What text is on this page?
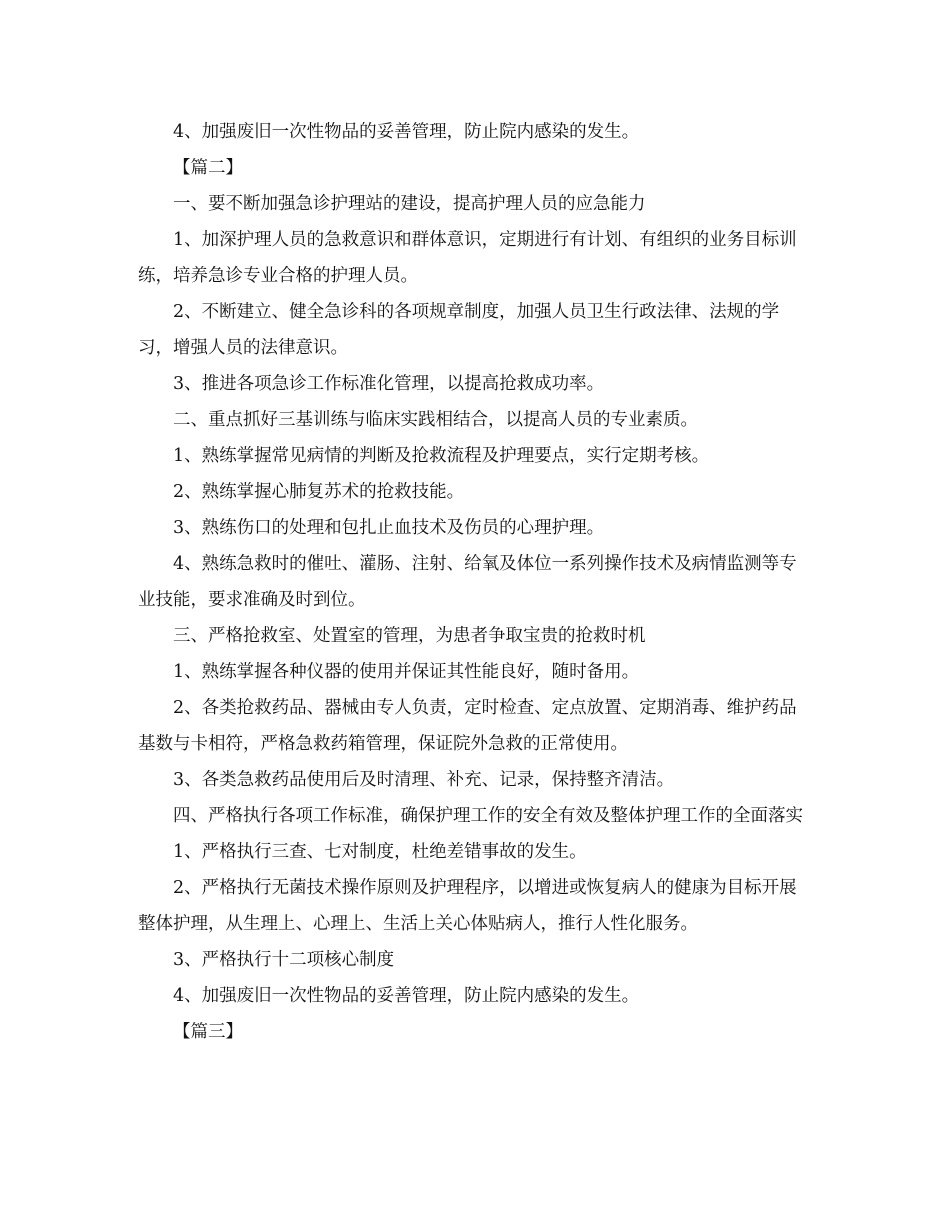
4、加强废旧一次性物品的妥善管理，防止院内感染的发生。

【篇二】

一、要不断加强急诊护理站的建设，提高护理人员的应急能力

1、加深护理人员的急救意识和群体意识，定期进行有计划、有组织的业务目标训练，培养急诊专业合格的护理人员。

2、不断建立、健全急诊科的各项规章制度，加强人员卫生行政法律、法规的学习，增强人员的法律意识。

3、推进各项急诊工作标准化管理，以提高抢救成功率。

二、重点抓好三基训练与临床实践相结合，以提高人员的专业素质。

1、熟练掌握常见病情的判断及抢救流程及护理要点，实行定期考核。

2、熟练掌握心肺复苏术的抢救技能。

3、熟练伤口的处理和包扎止血技术及伤员的心理护理。

4、熟练急救时的催吐、灌肠、注射、给氧及体位一系列操作技术及病情监测等专业技能，要求准确及时到位。

三、严格抢救室、处置室的管理，为患者争取宝贵的抢救时机

1、熟练掌握各种仪器的使用并保证其性能良好，随时备用。

2、各类抢救药品、器械由专人负责，定时检查、定点放置、定期消毒、维护药品基数与卡相符，严格急救药箱管理，保证院外急救的正常使用。

3、各类急救药品使用后及时清理、补充、记录，保持整齐清洁。

四、严格执行各项工作标准，确保护理工作的安全有效及整体护理工作的全面落实

1、严格执行三查、七对制度，杜绝差错事故的发生。

2、严格执行无菌技术操作原则及护理程序，以增进或恢复病人的健康为目标开展整体护理，从生理上、心理上、生活上关心体贴病人，推行人性化服务。

3、严格执行十二项核心制度

4、加强废旧一次性物品的妥善管理，防止院内感染的发生。

【篇三】
